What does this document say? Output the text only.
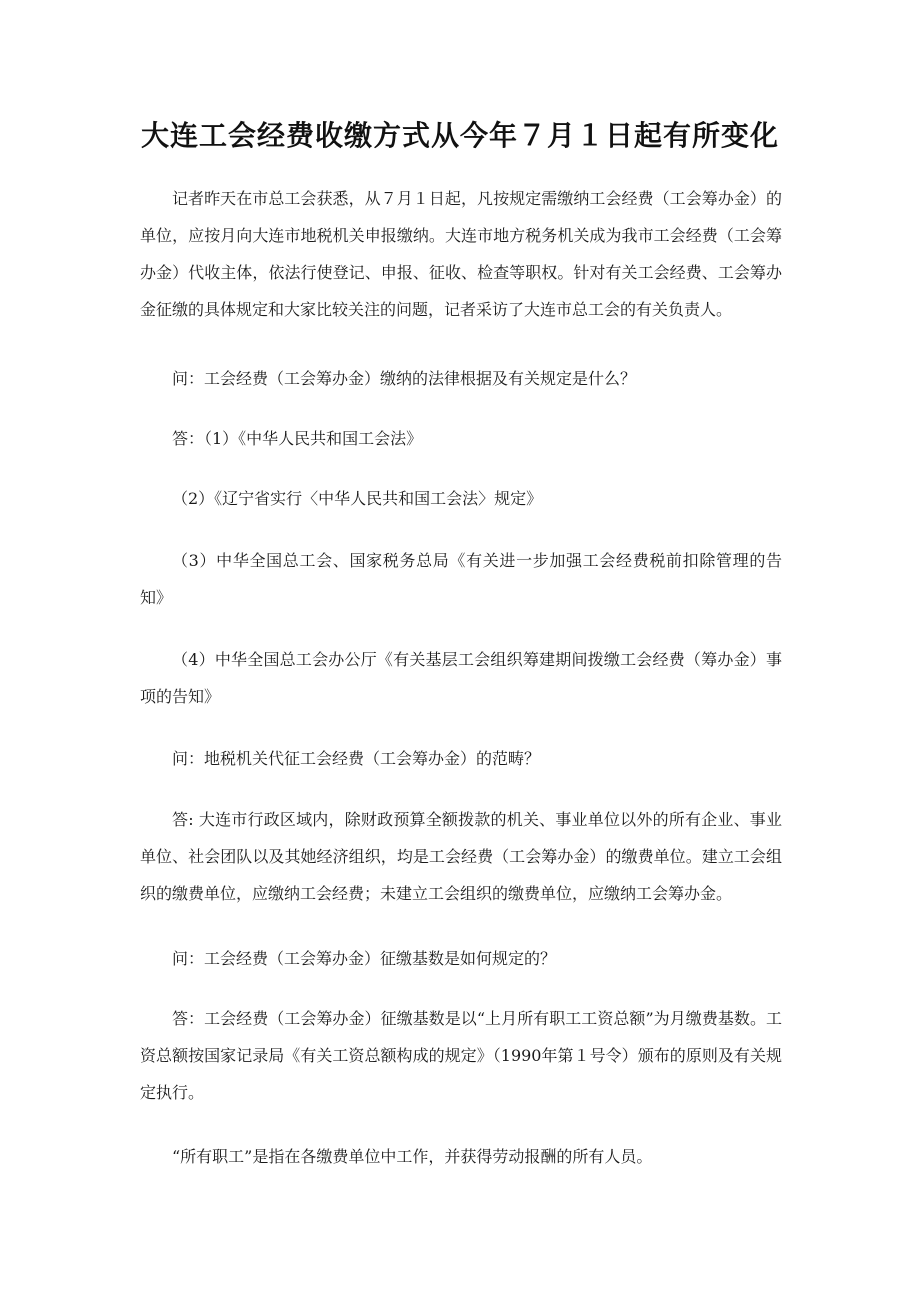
大连工会经费收缴方式从今年７月１日起有所变化

记者昨天在市总工会获悉，从７月１日起，凡按规定需缴纳工会经费（工会筹办金）的单位，应按月向大连市地税机关申报缴纳。大连市地方税务机关成为我市工会经费（工会筹办金）代收主体，依法行使登记、申报、征收、检查等职权。针对有关工会经费、工会筹办金征缴的具体规定和大家比较关注的问题，记者采访了大连市总工会的有关负责人。

问：工会经费（工会筹办金）缴纳的法律根据及有关规定是什么？

答：（1）《中华人民共和国工会法》

（2）《辽宁省实行〈中华人民共和国工会法〉规定》

（3）中华全国总工会、国家税务总局《有关进一步加强工会经费税前扣除管理的告知》

（4）中华全国总工会办公厅《有关基层工会组织筹建期间拨缴工会经费（筹办金）事项的告知》

问：地税机关代征工会经费（工会筹办金）的范畴？

答: 大连市行政区域内，除财政预算全额拨款的机关、事业单位以外的所有企业、事业单位、社会团队以及其她经济组织，均是工会经费（工会筹办金）的缴费单位。建立工会组织的缴费单位，应缴纳工会经费；未建立工会组织的缴费单位，应缴纳工会筹办金。

问：工会经费（工会筹办金）征缴基数是如何规定的？

答：工会经费（工会筹办金）征缴基数是以“上月所有职工工资总额”为月缴费基数。工资总额按国家记录局《有关工资总额构成的规定》（1990年第１号令）颁布的原则及有关规定执行。

“所有职工”是指在各缴费单位中工作，并获得劳动报酬的所有人员。
